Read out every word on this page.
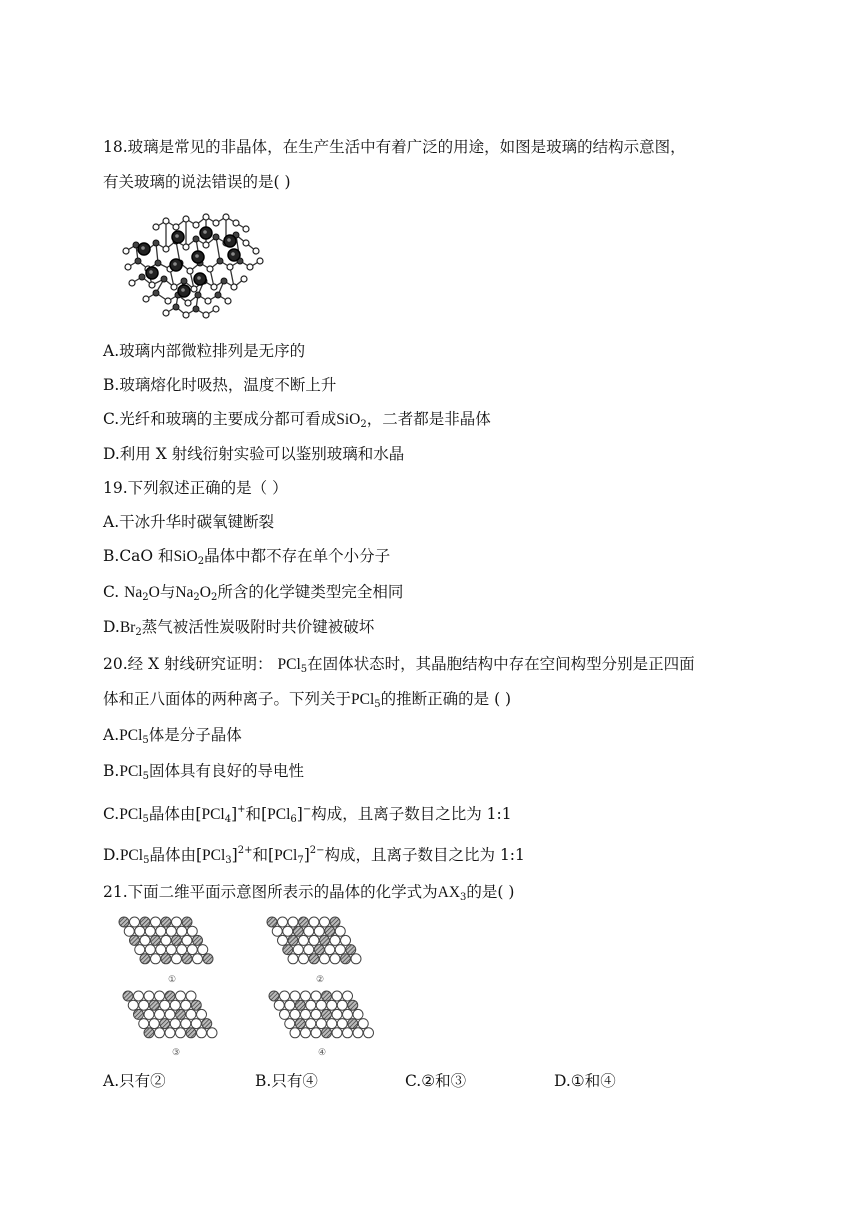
18.玻璃是常见的非晶体，在生产生活中有着广泛的用途，如图是玻璃的结构示意图，
有关玻璃的说法错误的是( )
A.玻璃内部微粒排列是无序的
B.玻璃熔化时吸热，温度不断上升
C.光纤和玻璃的主要成分都可看成SiO$_2$，二者都是非晶体
D.利用 X 射线衍射实验可以鉴别玻璃和水晶
19.下列叙述正确的是（ ）
A.干冰升华时碳氧键断裂
B.CaO 和SiO$_2$晶体中都不存在单个小分子
C. $Na_2O$与$Na_2O_2$所含的化学键类型完全相同
$D.Br_2$蒸气被活性炭吸附时共价键被破坏
20.经 X 射线研究证明： PCl$_5$在固体状态时，其晶胞结构中存在空间构型分别是正四面
体和正八面体的两种离子。下列关于PCl$_5$的推断正确的是 ( )
A.PCl$_5$体是分子晶体
B.PCl$_5$固体具有良好的导电性
C.PCl$_5$晶体由[PCl$_4$]+和[PCl$_6$]−构成，且离子数目之比为 1:1
D.PCl$_5$晶体由$[PCl_3]^{2+}$和$[PCl_7]^{2-}$构成，且离子数目之比为 1:1
21.下面二维平面示意图所表示的晶体的化学式为$AX_3$的是( )
①	②
③	④
A.只有②	B.只有④	C.②和③	D.①和④
